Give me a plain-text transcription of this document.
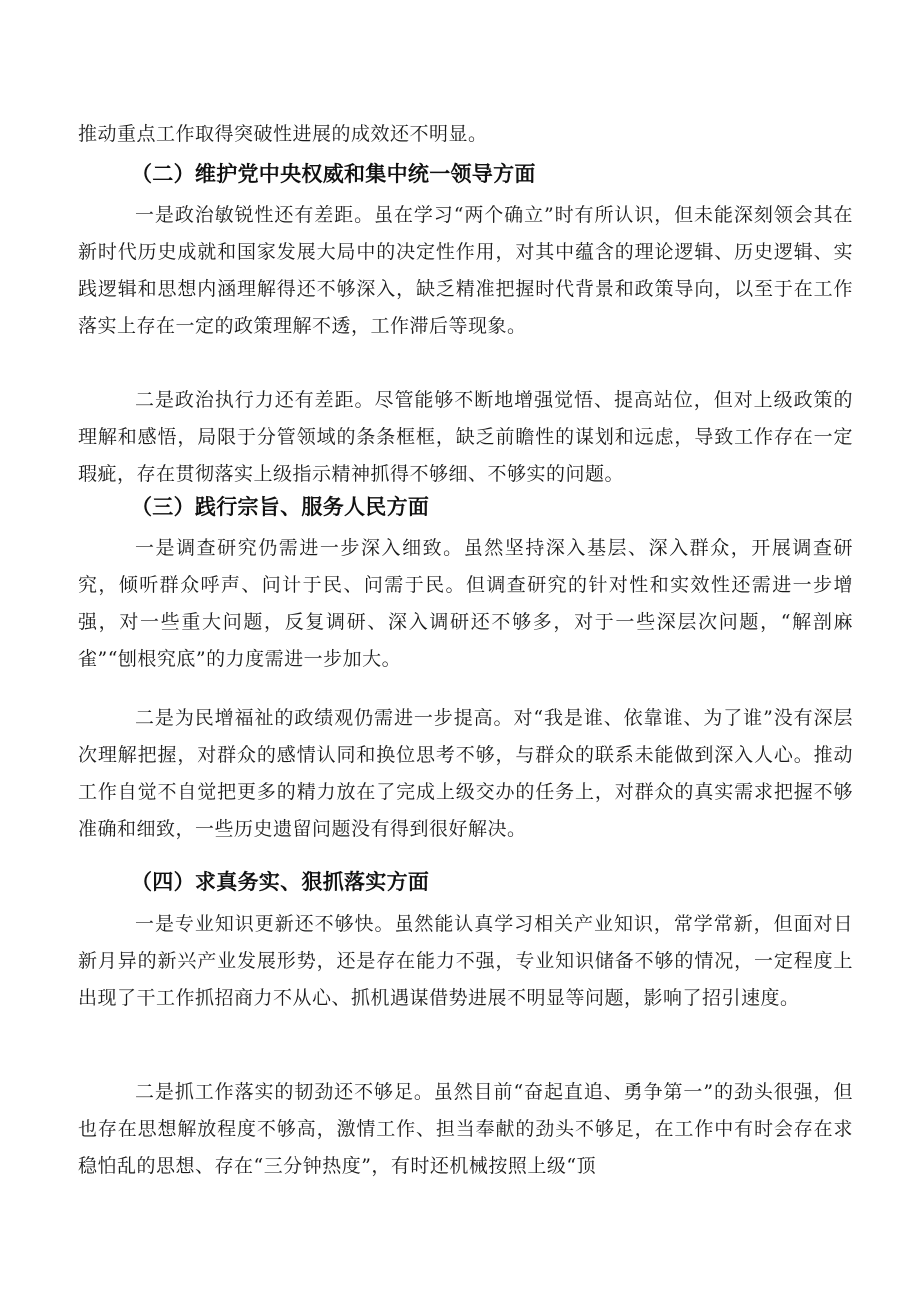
推动重点工作取得突破性进展的成效还不明显。

（二）维护党中央权威和集中统一领导方面

一是政治敏锐性还有差距。虽在学习“两个确立”时有所认识，但未能深刻领会其在新时代历史成就和国家发展大局中的决定性作用，对其中蕴含的理论逻辑、历史逻辑、实践逻辑和思想内涵理解得还不够深入，缺乏精准把握时代背景和政策导向，以至于在工作落实上存在一定的政策理解不透，工作滞后等现象。

二是政治执行力还有差距。尽管能够不断地增强觉悟、提高站位，但对上级政策的理解和感悟，局限于分管领域的条条框框，缺乏前瞻性的谋划和远虑，导致工作存在一定瑕疵，存在贯彻落实上级指示精神抓得不够细、不够实的问题。

（三）践行宗旨、服务人民方面

一是调查研究仍需进一步深入细致。虽然坚持深入基层、深入群众，开展调查研究，倾听群众呼声、问计于民、问需于民。但调查研究的针对性和实效性还需进一步增强，对一些重大问题，反复调研、深入调研还不够多，对于一些深层次问题，“解剖麻雀”“刨根究底”的力度需进一步加大。

二是为民增福祉的政绩观仍需进一步提高。对“我是谁、依靠谁、为了谁”没有深层次理解把握，对群众的感情认同和换位思考不够，与群众的联系未能做到深入人心。推动工作自觉不自觉把更多的精力放在了完成上级交办的任务上，对群众的真实需求把握不够准确和细致，一些历史遗留问题没有得到很好解决。

（四）求真务实、狠抓落实方面

一是专业知识更新还不够快。虽然能认真学习相关产业知识，常学常新，但面对日新月异的新兴产业发展形势，还是存在能力不强，专业知识储备不够的情况，一定程度上出现了干工作抓招商力不从心、抓机遇谋借势进展不明显等问题，影响了招引速度。

二是抓工作落实的韧劲还不够足。虽然目前“奋起直追、勇争第一”的劲头很强，但也存在思想解放程度不够高，激情工作、担当奉献的劲头不够足，在工作中有时会存在求稳怕乱的思想、存在“三分钟热度”，有时还机械按照上级“顶
